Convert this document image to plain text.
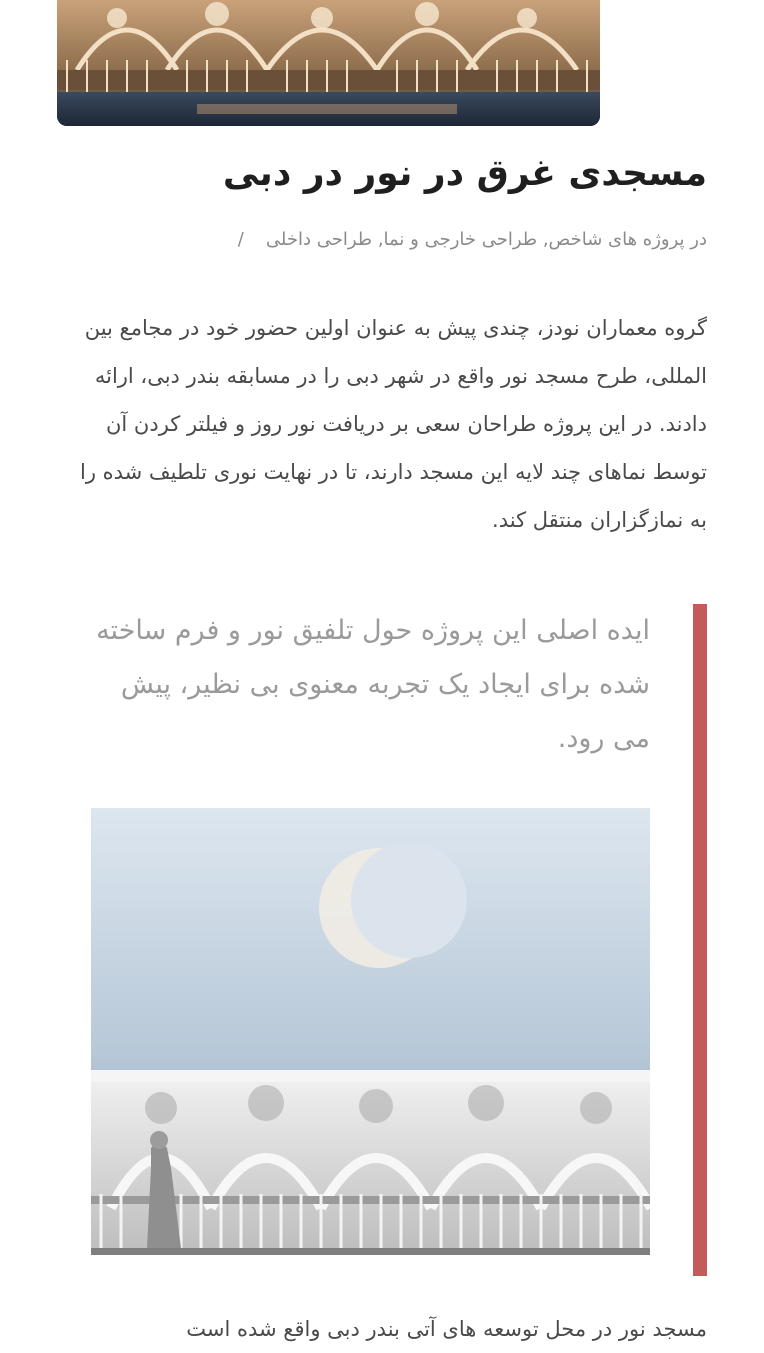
مسجدی غرق در نور در دبی
در پروژه های شاخص, طراحی خارجی و نما, طراحی داخلی/

گروه معماران نودز، چندی پیش به عنوان اولین حضور خود در مجامع بین المللی، طرح مسجد نور واقع در شهر دبی را در مسابقه بندر دبی، ارائه دادند. در این پروژه طراحان سعی بر دریافت نور روز و فیلتر کردن آن توسط نماهای چند لایه این مسجد دارند، تا در نهایت نوری تلطیف شده را به نمازگزاران منتقل کند.

ایده اصلی این پروژه حول تلفیق نور و فرم ساخته شده برای ایجاد یک تجربه معنوی بی نظیر، پیش می رود.

مسجد نور در محل توسعه های آتی بندر دبی واقع شده است
